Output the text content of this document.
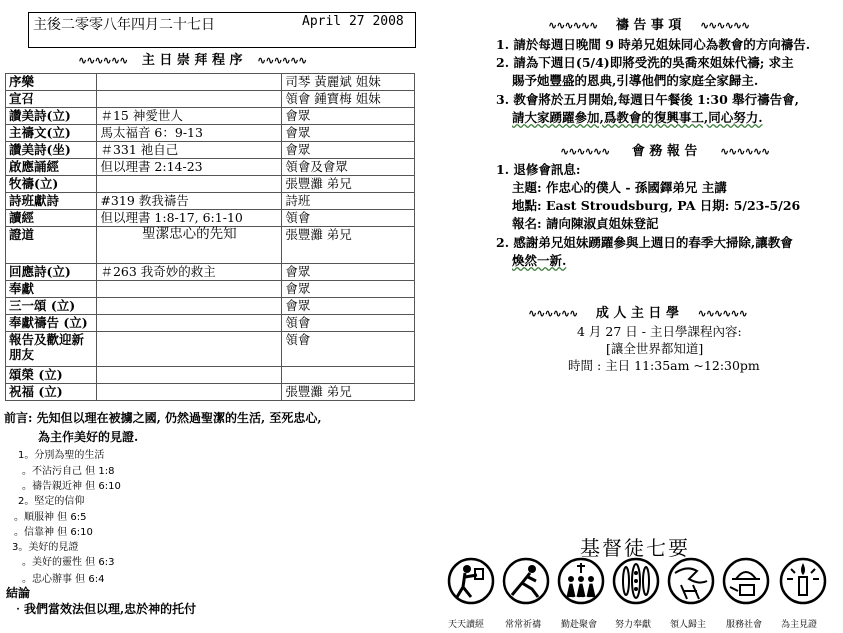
主後二零零八年四月二十七日	April 27 2008
∿∿∿∿∿∿ 主 日 崇 拜 程 序 ∿∿∿∿∿∿
序樂		司琴 黃麗斌 姐妹
宣召		領會 鍾寶梅 姐妹
讚美詩(立)	＃15 神愛世人	會眾
主禱文(立)	馬太福音 6：9-13	會眾
讚美詩(坐)	＃331 祂自己	會眾
啟應誦經	但以理書 2:14-23	領會及會眾
牧禱(立)		張豐灘 弟兄
詩班獻詩	#319 教我禱告	詩班
讀經	但以理書 1:8-17, 6:1-10	領會
證道	聖潔忠心的先知	張豐灘 弟兄
回應詩(立)	＃263 我奇妙的救主	會眾
奉獻		會眾
三一頌 (立)		會眾
奉獻禱告 (立)		領會
報告及歡迎新朋友		領會
頌榮 (立)		
祝福 (立)		張豐灘 弟兄
前言: 先知但以理在被擄之國, 仍然過聖潔的生活, 至死忠心,
為主作美好的見證.
1。分別為聖的生活
。不沾污自己 但 1:8
。禱告親近神 但 6:10
2。堅定的信仰
。順服神 但 6:5
。信靠神 但 6:10
3。美好的見證
。美好的靈性 但 6:3
。忠心辦事 但 6:4
結論
‧我們當效法但以理,忠於神的托付
∿∿∿∿∿∿ 禱 告 事 項 ∿∿∿∿∿∿
1. 請於每週日晚間 9 時弟兄姐妹同心為教會的方向禱告.
2. 請為下週日(5/4)即將受洗的吳喬來姐妹代禱; 求主
賜予她豐盛的恩典,引導他們的家庭全家歸主.
3. 教會將於五月開始,每週日午餐後 1:30 舉行禱告會,
請大家踴躍參加,爲教會的復興事工,同心努力.
∿∿∿∿∿∿ 會 務 報 告 ∿∿∿∿∿∿
1. 退修會訊息:
主題: 作忠心的僕人 - 孫國鐸弟兄 主講
地點: East Stroudsburg, PA 日期: 5/23-5/26
報名: 請向陳淑貞姐妹登記
2. 感謝弟兄姐妹踴躍參與上週日的春季大掃除,讓教會
煥然一新.
∿∿∿∿∿∿ 成 人 主 日 學 ∿∿∿∿∿∿
4 月 27 日 - 主日學課程內容:
[讓全世界都知道]
時間 : 主日 11:35am ~12:30pm
基督徒七要
天天讀經 常常祈禱 勤赴聚會 努力奉獻 領人歸主 服務社會 為主見證
